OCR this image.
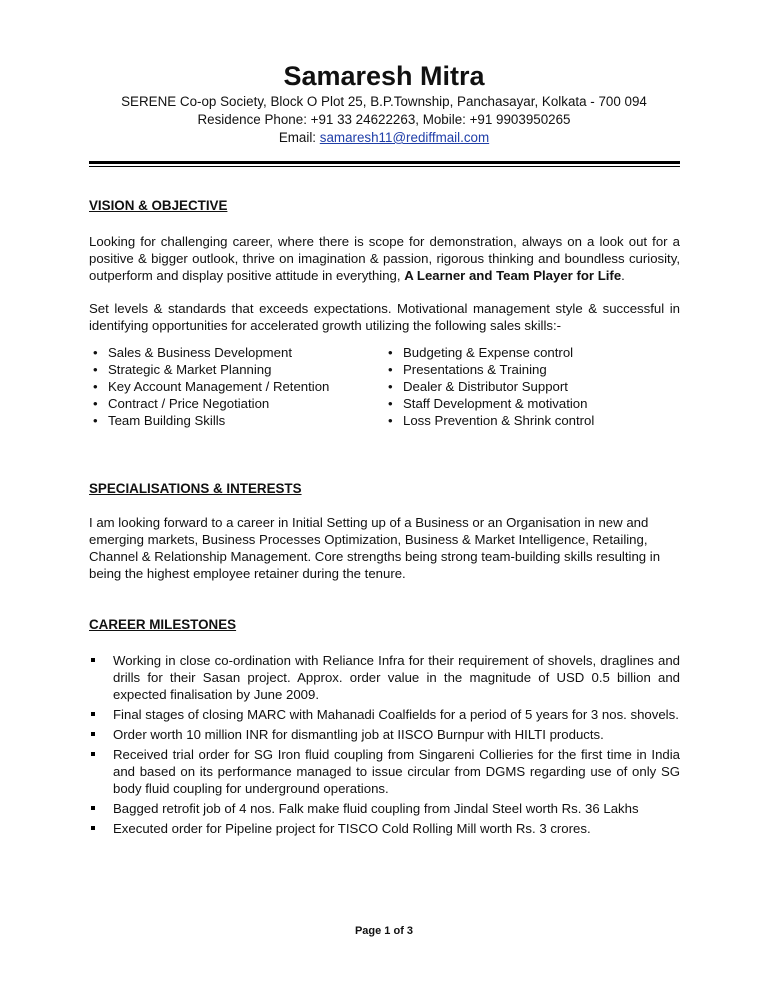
Samaresh Mitra

SERENE Co-op Society, Block O Plot 25, B.P.Township, Panchasayar, Kolkata - 700 094

Residence Phone: +91 33 24622263, Mobile: +91 9903950265

Email: samaresh11@rediffmail.com

VISION & OBJECTIVE

Looking for challenging career, where there is scope for demonstration, always on a look out for a positive & bigger outlook, thrive on imagination & passion, rigorous thinking and boundless curiosity, outperform and display positive attitude in everything, A Learner and Team Player for Life.

Set levels & standards that exceeds expectations. Motivational management style & successful in identifying opportunities for accelerated growth utilizing the following sales skills:-

• Sales & Business Development
• Strategic & Market Planning
• Key Account Management / Retention
• Contract / Price Negotiation
• Team Building Skills
• Budgeting & Expense control
• Presentations & Training
• Dealer & Distributor Support
• Staff Development & motivation
• Loss Prevention & Shrink control

SPECIALISATIONS & INTERESTS

I am looking forward to a career in Initial Setting up of a Business or an Organisation in new and emerging markets, Business Processes Optimization, Business & Market Intelligence, Retailing, Channel & Relationship Management. Core strengths being strong team-building skills resulting in being the highest employee retainer during the tenure.

CAREER MILESTONES

Working in close co-ordination with Reliance Infra for their requirement of shovels, draglines and drills for their Sasan project. Approx. order value in the magnitude of USD 0.5 billion and expected finalisation by June 2009.
Final stages of closing MARC with Mahanadi Coalfields for a period of 5 years for 3 nos. shovels.
Order worth 10 million INR for dismantling job at IISCO Burnpur with HILTI products.
Received trial order for SG Iron fluid coupling from Singareni Collieries for the first time in India and based on its performance managed to issue circular from DGMS regarding use of only SG body fluid coupling for underground operations.
Bagged retrofit job of 4 nos. Falk make fluid coupling from Jindal Steel worth Rs. 36 Lakhs
Executed order for Pipeline project for TISCO Cold Rolling Mill worth Rs. 3 crores.
Page 1 of 3
